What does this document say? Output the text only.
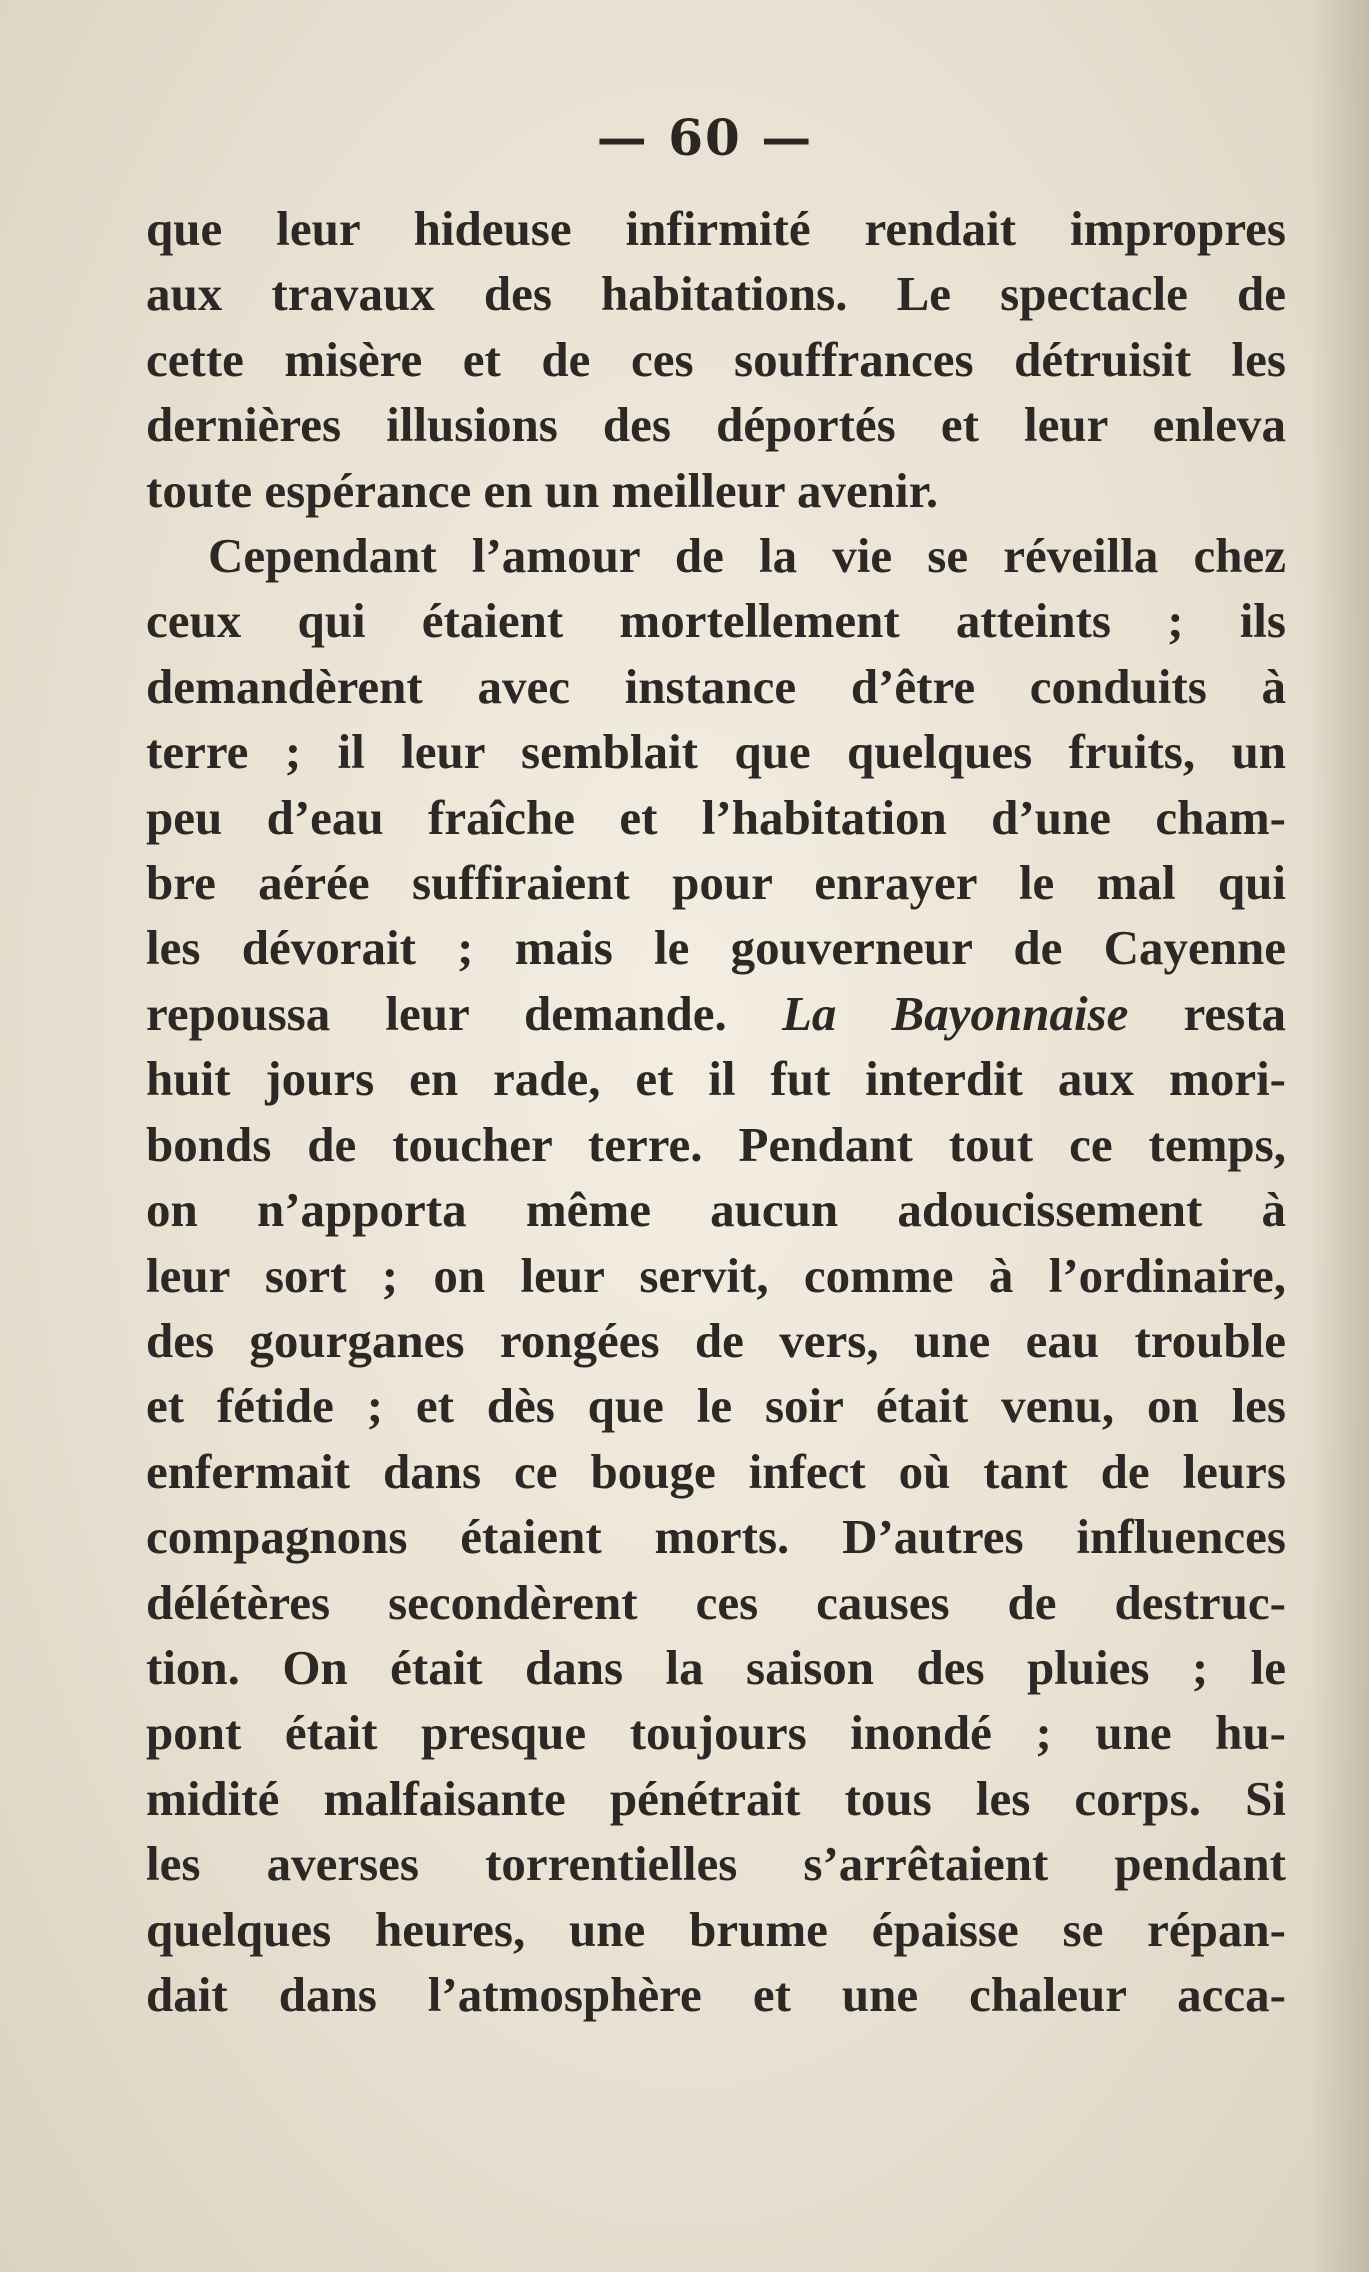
— 60 —

que leur hideuse infirmité rendait impropres
aux travaux des habitations. Le spectacle de
cette misère et de ces souffrances détruisit les
dernières illusions des déportés et leur enleva
toute espérance en un meilleur avenir.

Cependant l’amour de la vie se réveilla chez
ceux qui étaient mortellement atteints ; ils
demandèrent avec instance d’être conduits à
terre ; il leur semblait que quelques fruits, un
peu d’eau fraîche et l’habitation d’une cham-
bre aérée suffiraient pour enrayer le mal qui
les dévorait ; mais le gouverneur de Cayenne
repoussa leur demande. La Bayonnaise resta
huit jours en rade, et il fut interdit aux mori-
bonds de toucher terre. Pendant tout ce temps,
on n’apporta même aucun adoucissement à
leur sort ; on leur servit, comme à l’ordinaire,
des gourganes rongées de vers, une eau trouble
et fétide ; et dès que le soir était venu, on les
enfermait dans ce bouge infect où tant de leurs
compagnons étaient morts. D’autres influences
délétères secondèrent ces causes de destruc-
tion. On était dans la saison des pluies ; le
pont était presque toujours inondé ; une hu-
midité malfaisante pénétrait tous les corps. Si
les averses torrentielles s’arrêtaient pendant
quelques heures, une brume épaisse se répan-
dait dans l’atmosphère et une chaleur acca-
